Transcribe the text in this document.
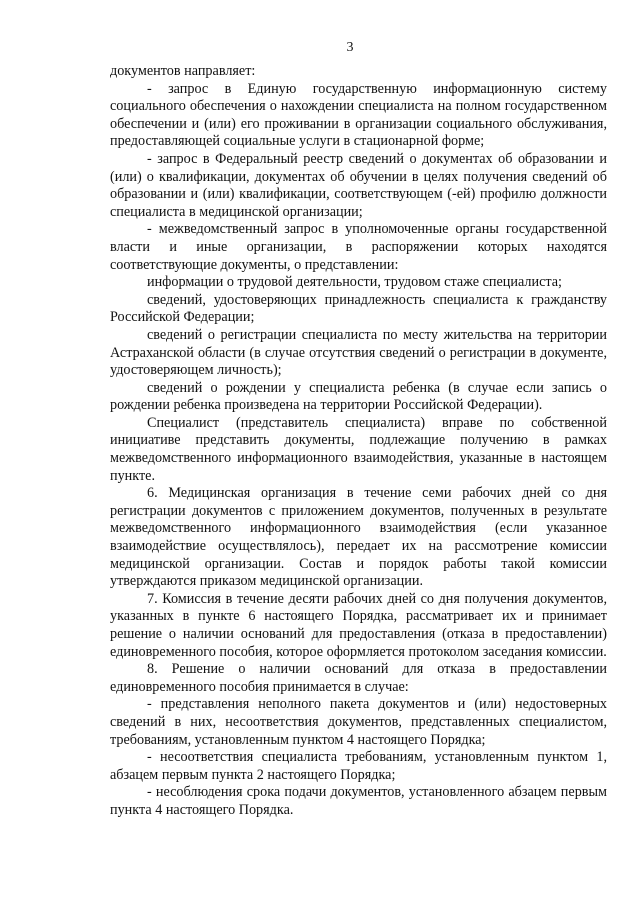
3

документов направляет:

- запрос в Единую государственную информационную систему социального обеспечения о нахождении специалиста на полном государственном обеспечении и (или) его проживании в организации социального обслуживания, предоставляющей социальные услуги в стационарной форме;

- запрос в Федеральный реестр сведений о документах об образовании и (или) о квалификации, документах об обучении в целях получения сведений об образовании и (или) квалификации, соответствующем (-ей) профилю должности специалиста в медицинской организации;

- межведомственный запрос в уполномоченные органы государственной власти и иные организации, в распоряжении которых находятся соответствующие документы, о представлении:

информации о трудовой деятельности, трудовом стаже специалиста;

сведений, удостоверяющих принадлежность специалиста к гражданству Российской Федерации;

сведений о регистрации специалиста по месту жительства на территории Астраханской области (в случае отсутствия сведений о регистрации в документе, удостоверяющем личность);

сведений о рождении у специалиста ребенка (в случае если запись о рождении ребенка произведена на территории Российской Федерации).

Специалист (представитель специалиста) вправе по собственной инициативе представить документы, подлежащие получению в рамках межведомственного информационного взаимодействия, указанные в настоящем пункте.

6. Медицинская организация в течение семи рабочих дней со дня регистрации документов с приложением документов, полученных в результате межведомственного информационного взаимодействия (если указанное взаимодействие осуществлялось), передает их на рассмотрение комиссии медицинской организации. Состав и порядок работы такой комиссии утверждаются приказом медицинской организации.

7. Комиссия в течение десяти рабочих дней со дня получения документов, указанных в пункте 6 настоящего Порядка, рассматривает их и принимает решение о наличии оснований для предоставления (отказа в предоставлении) единовременного пособия, которое оформляется протоколом заседания комиссии.

8. Решение о наличии оснований для отказа в предоставлении единовременного пособия принимается в случае:

- представления неполного пакета документов и (или) недостоверных сведений в них, несоответствия документов, представленных специалистом, требованиям, установленным пунктом 4 настоящего Порядка;

- несоответствия специалиста требованиям, установленным пунктом 1, абзацем первым пункта 2 настоящего Порядка;

- несоблюдения срока подачи документов, установленного абзацем первым пункта 4 настоящего Порядка.
